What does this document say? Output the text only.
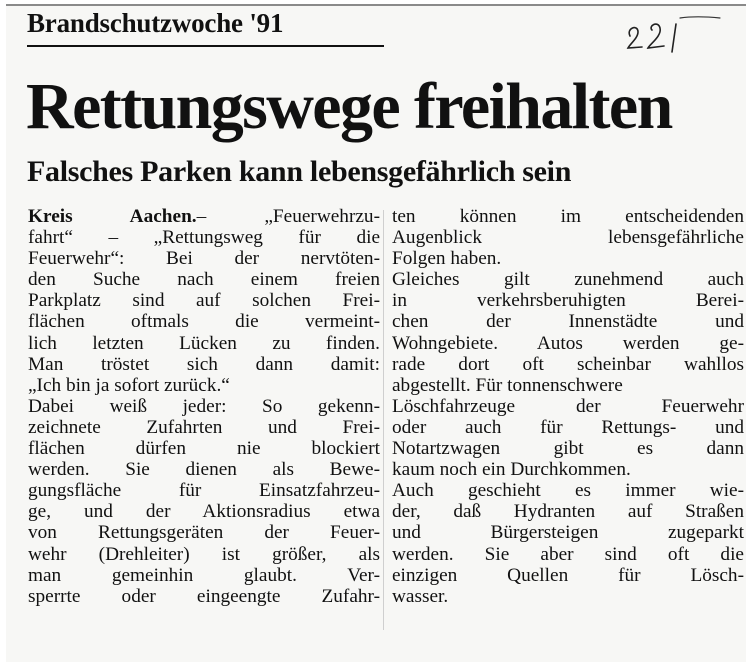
Brandschutzwoche '91	21
Rettungswege freihalten
Falsches Parken kann lebensgefährlich sein
Kreis Aachen.– „Feuerwehrzu-
fahrt“ – „Rettungsweg für die
Feuerwehr“: Bei der nervtöten-
den Suche nach einem freien
Parkplatz sind auf solchen Frei-
flächen oftmals die vermeint-
lich letzten Lücken zu finden.
Man tröstet sich dann damit:
„Ich bin ja sofort zurück.“
Dabei weiß jeder: So gekenn-
zeichnete Zufahrten und Frei-
flächen dürfen nie blockiert
werden. Sie dienen als Bewe-
gungsfläche für Einsatzfahrzeu-
ge, und der Aktionsradius etwa
von Rettungsgeräten der Feuer-
wehr (Drehleiter) ist größer, als
man gemeinhin glaubt. Ver-
sperrte oder eingeengte Zufahr-
ten können im entscheidenden
Augenblick lebensgefährliche
Folgen haben.
Gleiches gilt zunehmend auch
in verkehrsberuhigten Berei-
chen der Innenstädte und
Wohngebiete. Autos werden ge-
rade dort oft scheinbar wahllos
abgestellt. Für tonnenschwere
Löschfahrzeuge der Feuerwehr
oder auch für Rettungs- und
Notartzwagen gibt es dann
kaum noch ein Durchkommen.
Auch geschieht es immer wie-
der, daß Hydranten auf Straßen
und Bürgersteigen zugeparkt
werden. Sie aber sind oft die
einzigen Quellen für Lösch-
wasser.
